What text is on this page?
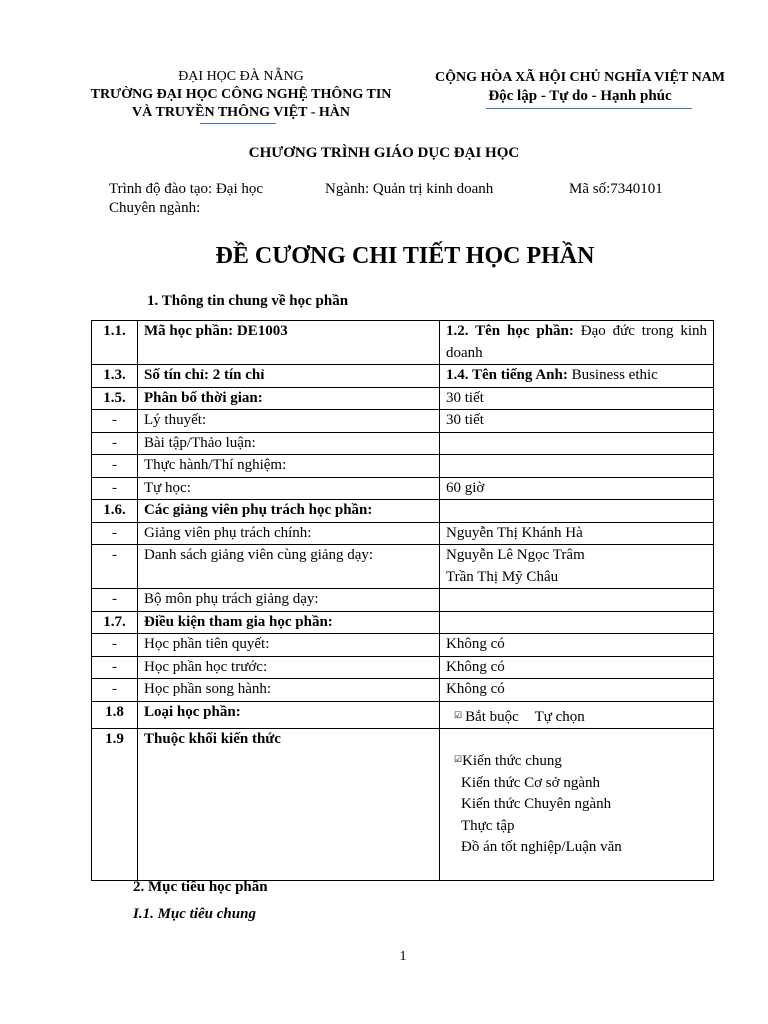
ĐẠI HỌC ĐÀ NẴNG
TRƯỜNG ĐẠI HỌC CÔNG NGHỆ THÔNG TIN
VÀ TRUYỀN THÔNG VIỆT - HÀN
CỘNG HÒA XÃ HỘI CHỦ NGHĨA VIỆT NAM
Độc lập - Tự do - Hạnh phúc
CHƯƠNG TRÌNH GIÁO DỤC ĐẠI HỌC
Trình độ đào tạo: Đại học	Ngành: Quản trị kinh doanh	Mã số:7340101
Chuyên ngành:
ĐỀ CƯƠNG CHI TIẾT HỌC PHẦN
1. Thông tin chung về học phần
1.1.	Mã học phần: DE1003	1.2. Tên học phần: Đạo đức trong kinh doanh
1.3.	Số tín chỉ: 2 tín chỉ	1.4. Tên tiếng Anh: Business ethic
1.5.	Phân bố thời gian:	30 tiết
-	Lý thuyết:	30 tiết
-	Bài tập/Thảo luận:	
-	Thực hành/Thí nghiệm:	
-	Tự học:	60 giờ
1.6.	Các giảng viên phụ trách học phần:	
-	Giảng viên phụ trách chính:	Nguyễn Thị Khánh Hà
-	Danh sách giảng viên cùng giảng dạy:	Nguyễn Lê Ngọc Trâm
Trần Thị Mỹ Châu

-	Bộ môn phụ trách giảng dạy:	
1.7.	Điều kiện tham gia học phần:	
-	Học phần tiên quyết:	Không có
-	Học phần học trước:	Không có
-	Học phần song hành:	Không có
1.8	Loại học phần:	☑ Bắt buộc Tự chọn
1.9	Thuộc khối kiến thức	☑Kiến thức chung
Kiến thức Cơ sở ngành
Kiến thức Chuyên ngành
Thực tập
Đồ án tốt nghiệp/Luận văn
2. Mục tiêu học phần
I.1. Mục tiêu chung
1
